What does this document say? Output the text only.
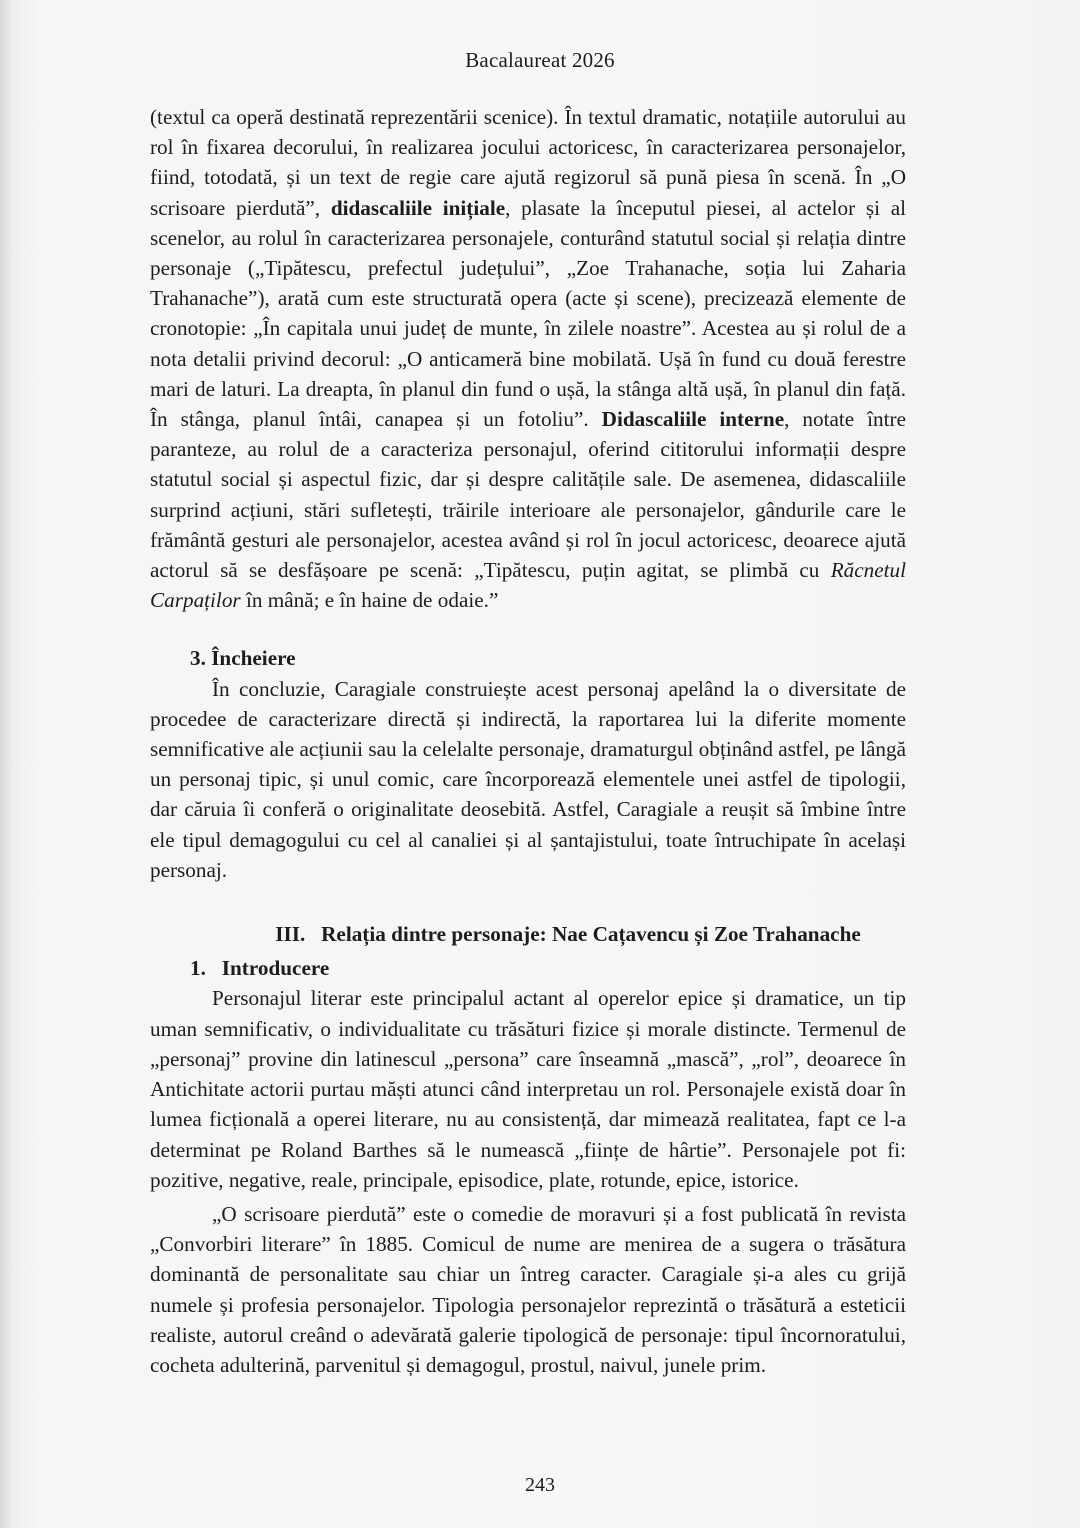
Bacalaureat 2026

(textul ca operă destinată reprezentării scenice). În textul dramatic, notațiile autorului au rol în fixarea decorului, în realizarea jocului actoricesc, în caracterizarea personajelor, fiind, totodată, și un text de regie care ajută regizorul să pună piesa în scenă. În „O scrisoare pierdută”, didascaliile inițiale, plasate la începutul piesei, al actelor și al scenelor, au rolul în caracterizarea personajele, conturând statutul social și relația dintre personaje („Tipătescu, prefectul județului”, „Zoe Trahanache, soția lui Zaharia Trahanache”), arată cum este structurată opera (acte și scene), precizează elemente de cronotopie: „În capitala unui județ de munte, în zilele noastre”. Acestea au și rolul de a nota detalii privind decorul: „O anticameră bine mobilată. Ușă în fund cu două ferestre mari de laturi. La dreapta, în planul din fund o ușă, la stânga altă ușă, în planul din față. În stânga, planul întâi, canapea și un fotoliu”. Didascaliile interne, notate între paranteze, au rolul de a caracteriza personajul, oferind cititorului informații despre statutul social și aspectul fizic, dar și despre calitățile sale. De asemenea, didascaliile surprind acțiuni, stări sufletești, trăirile interioare ale personajelor, gândurile care le frământă gesturi ale personajelor, acestea având și rol în jocul actoricesc, deoarece ajută actorul să se desfășoare pe scenă: „Tipătescu, puțin agitat, se plimbă cu Răcnetul Carpaților în mână; e în haine de odaie.”

3. Încheiere

În concluzie, Caragiale construiește acest personaj apelând la o diversitate de procedee de caracterizare directă și indirectă, la raportarea lui la diferite momente semnificative ale acțiunii sau la celelalte personaje, dramaturgul obținând astfel, pe lângă un personaj tipic, și unul comic, care încorporează elementele unei astfel de tipologii, dar căruia îi conferă o originalitate deosebită. Astfel, Caragiale a reușit să îmbine între ele tipul demagogului cu cel al canaliei și al șantajistului, toate întruchipate în același personaj.

III.   Relația dintre personaje: Nae Cațavencu și Zoe Trahanache

1.   Introducere

Personajul literar este principalul actant al operelor epice și dramatice, un tip uman semnificativ, o individualitate cu trăsături fizice și morale distincte. Termenul de „personaj” provine din latinescul „persona” care înseamnă „mască”, „rol”, deoarece în Antichitate actorii purtau măști atunci când interpretau un rol. Personajele există doar în lumea ficțională a operei literare, nu au consistență, dar mimează realitatea, fapt ce l-a determinat pe Roland Barthes să le numească „ființe de hârtie”. Personajele pot fi: pozitive, negative, reale, principale, episodice, plate, rotunde, epice, istorice.

„O scrisoare pierdută” este o comedie de moravuri și a fost publicată în revista „Convorbiri literare” în 1885. Comicul de nume are menirea de a sugera o trăsătura dominantă de personalitate sau chiar un întreg caracter. Caragiale și-a ales cu grijă numele și profesia personajelor. Tipologia personajelor reprezintă o trăsătură a esteticii realiste, autorul creând o adevărată galerie tipologică de personaje: tipul încornoratului, cocheta adulterină, parvenitul și demagogul, prostul, naivul, junele prim.

243
